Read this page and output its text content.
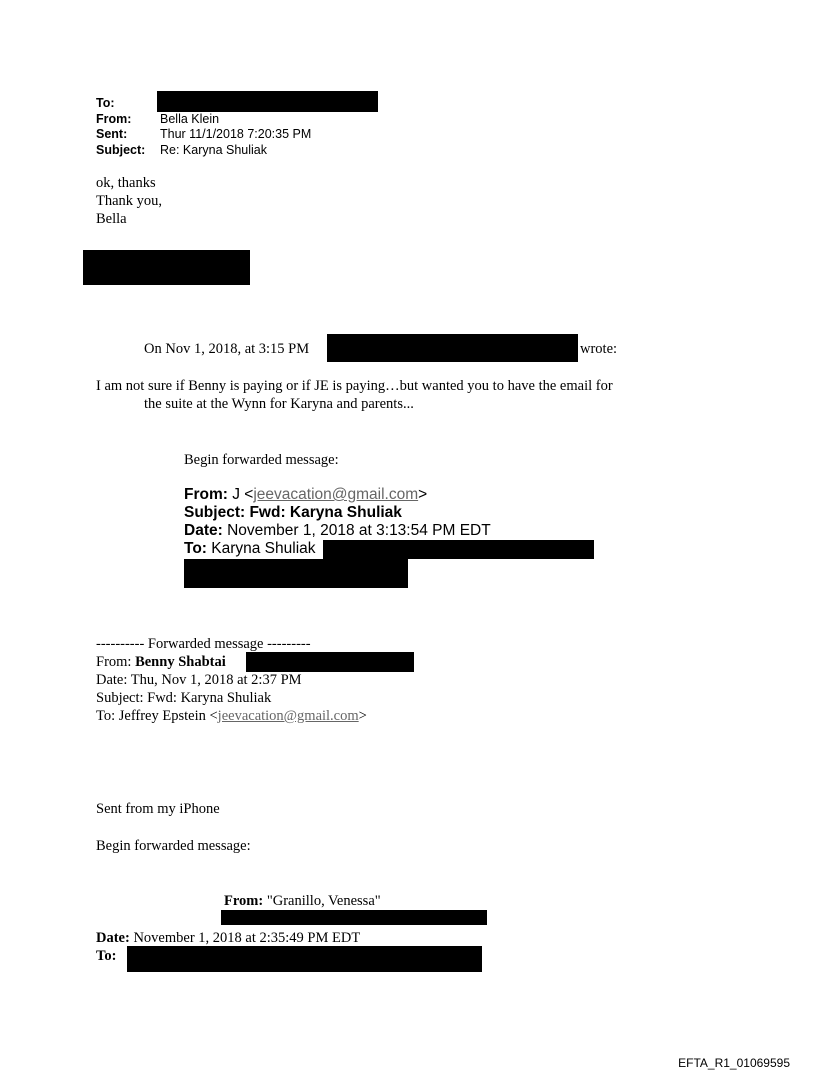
To:
From: Bella Klein
Sent:	Thur 11/1/2018 7:20:35 PM
Subject: Re: Karyna Shuliak
ok, thanks
Thank you,
Bella
On Nov 1, 2018, at 3:15 PM	wrote:
I am not sure if Benny is paying or if JE is paying…but wanted you to have the email for
the suite at the Wynn for Karyna and parents...
Begin forwarded message:
From: J <jeevacation@gmail.com>
Subject: Fwd: Karyna Shuliak
Date: November 1, 2018 at 3:13:54 PM EDT
To: Karyna Shuliak
---------- Forwarded message ---------
From: Benny Shabtai
Date: Thu, Nov 1, 2018 at 2:37 PM
Subject: Fwd: Karyna Shuliak
To: Jeffrey Epstein <jeevacation@gmail.com>
Sent from my iPhone
Begin forwarded message:
From: "Granillo, Venessa"
Date: November 1, 2018 at 2:35:49 PM EDT
To:
EFTA_R1_01069595
